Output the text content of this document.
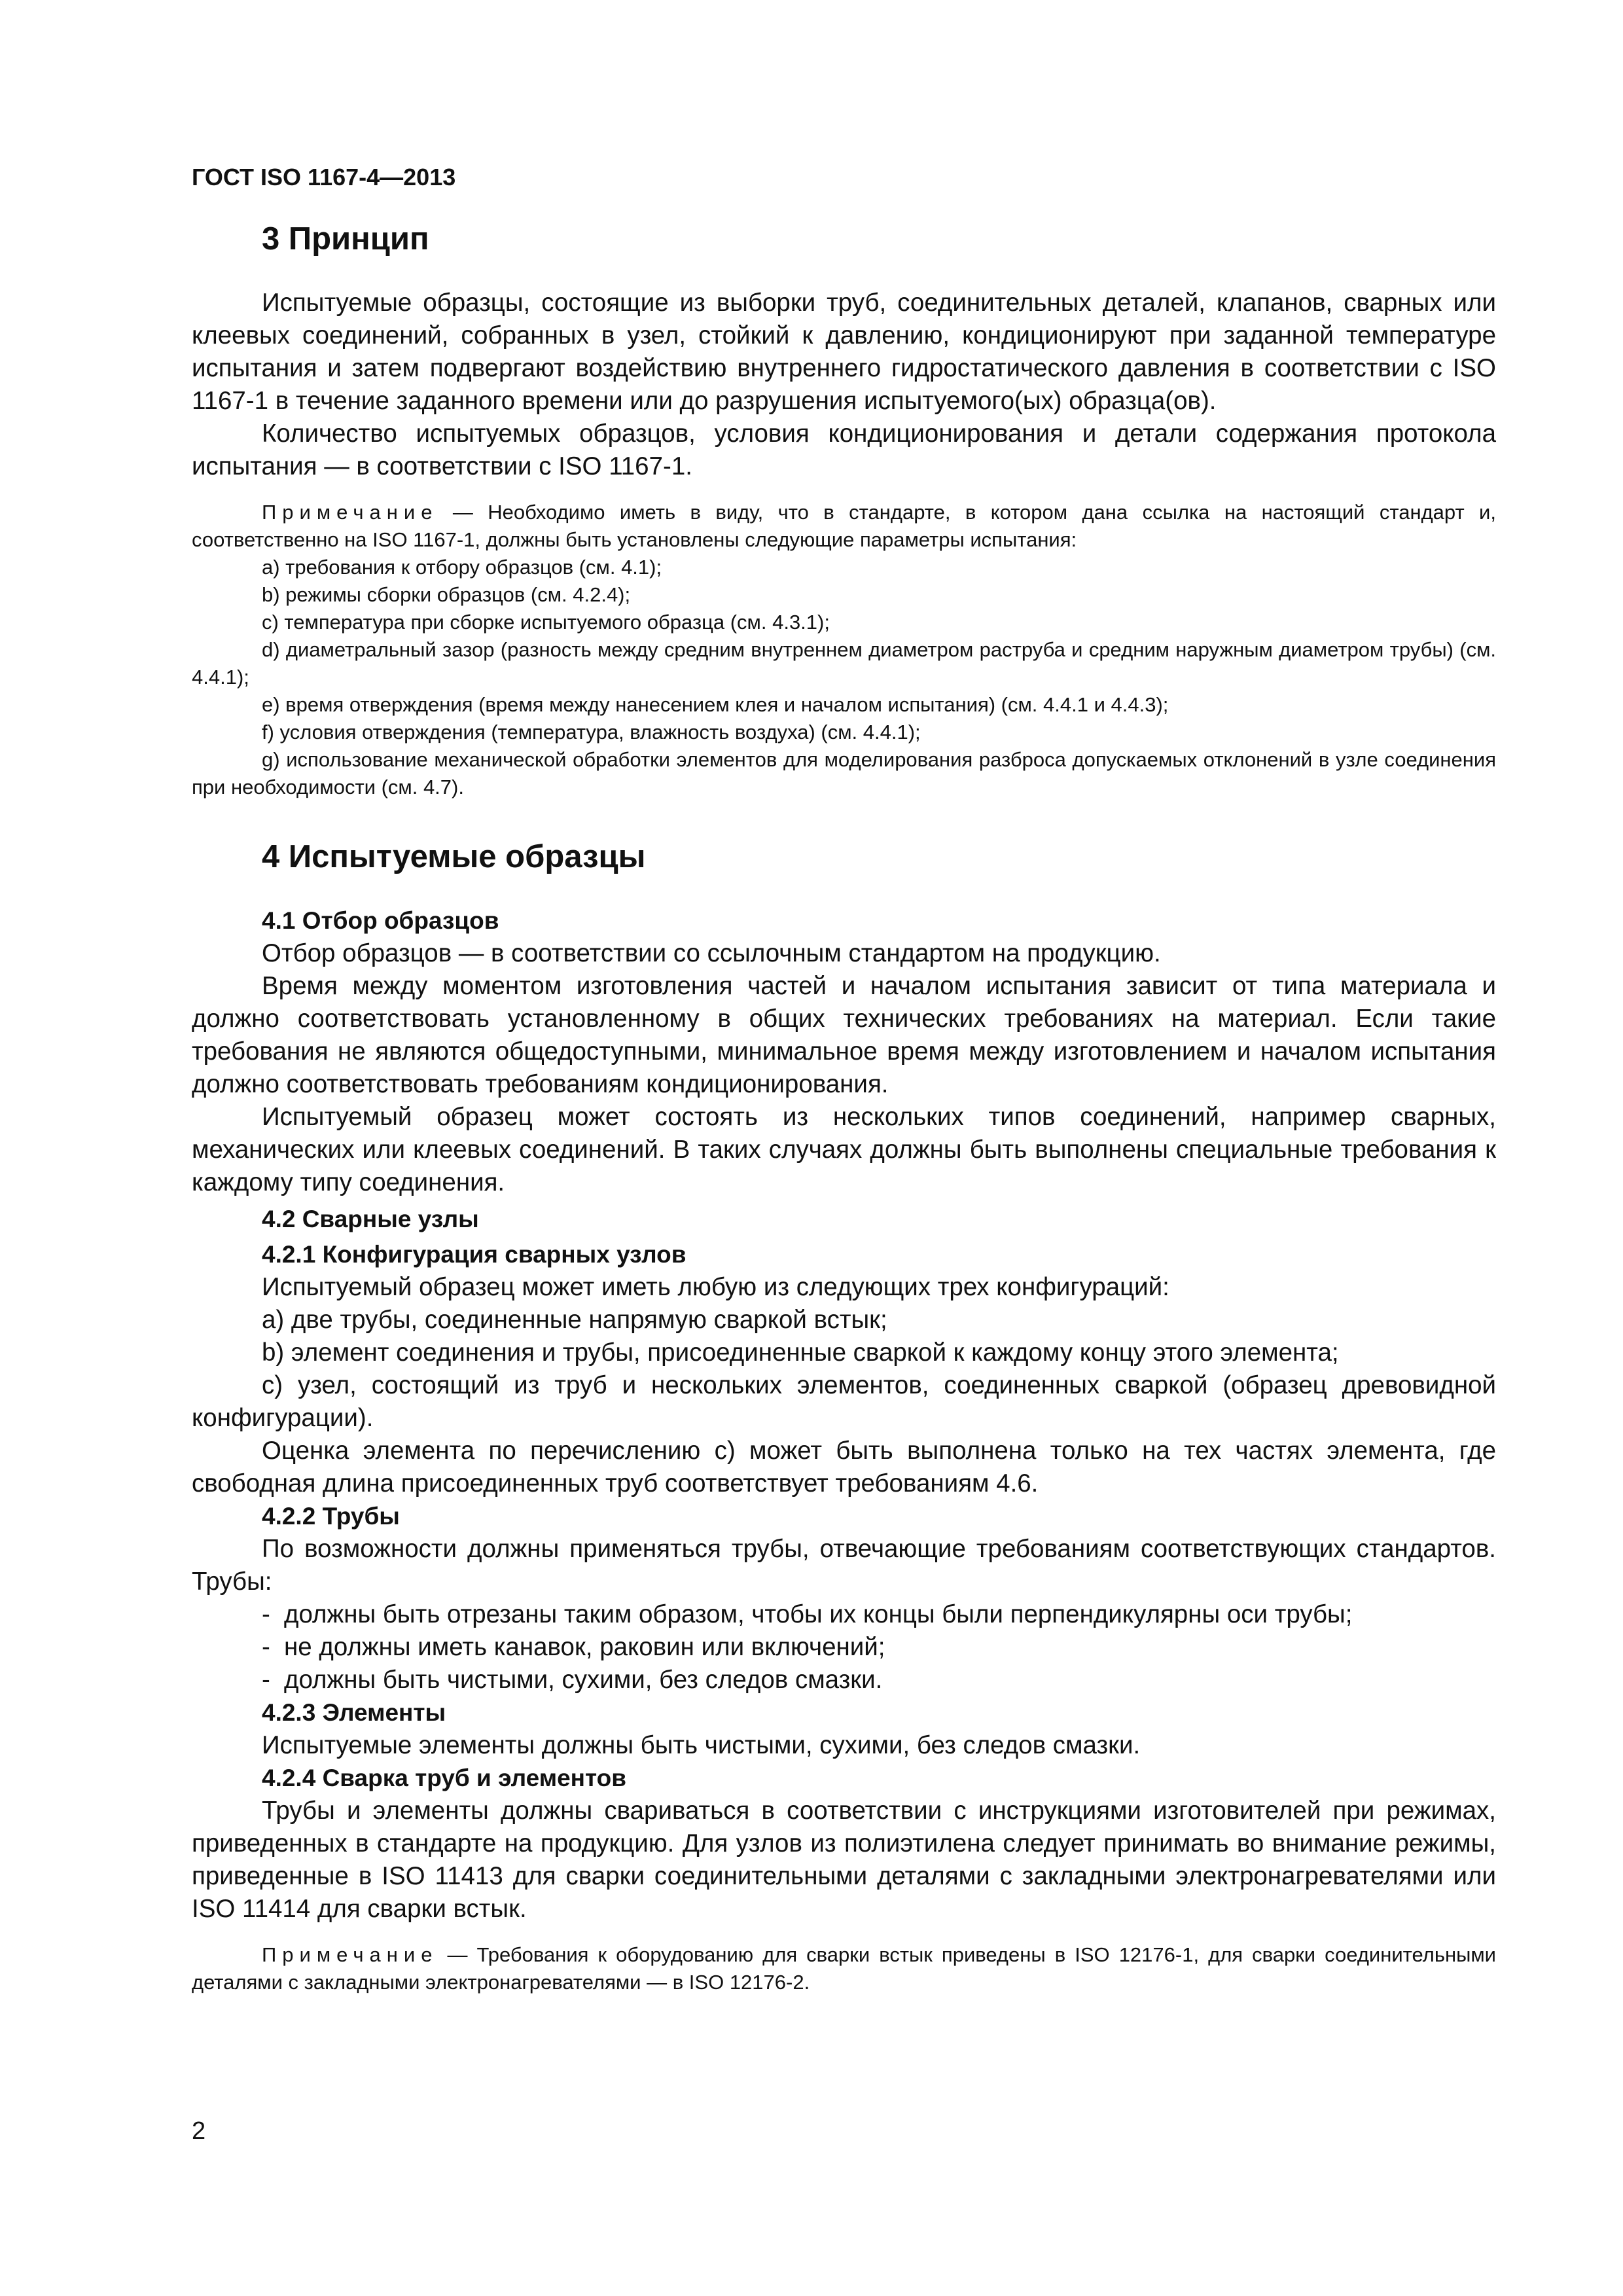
ГОСТ ISO 1167-4—2013
3 Принцип

Испытуемые образцы, состоящие из выборки труб, соединительных деталей, клапанов, сварных или клеевых соединений, собранных в узел, стойкий к давлению, кондиционируют при заданной температуре испытания и затем подвергают воздействию внутреннего гидростатического давления в соответствии с ISO 1167-1 в течение заданного времени или до разрушения испытуемого(ых) образца(ов).

Количество испытуемых образцов, условия кондиционирования и детали содержания протокола испытания — в соответствии с ISO 1167-1.

Примечание — Необходимо иметь в виду, что в стандарте, в котором дана ссылка на настоящий стандарт и, соответственно на ISO 1167-1, должны быть установлены следующие параметры испытания:

a) требования к отбору образцов (см. 4.1);

b) режимы сборки образцов (см. 4.2.4);

c) температура при сборке испытуемого образца (см. 4.3.1);

d) диаметральный зазор (разность между средним внутреннем диаметром раструба и средним наружным диаметром трубы) (см. 4.4.1);

e) время отверждения (время между нанесением клея и началом испытания) (см. 4.4.1 и 4.4.3);

f) условия отверждения (температура, влажность воздуха) (см. 4.4.1);

g) использование механической обработки элементов для моделирования разброса допускаемых отклонений в узле соединения при необходимости (см. 4.7).

4 Испытуемые образцы
4.1 Отбор образцов

Отбор образцов — в соответствии со ссылочным стандартом на продукцию.

Время между моментом изготовления частей и началом испытания зависит от типа материала и должно соответствовать установленному в общих технических требованиях на материал. Если такие требования не являются общедоступными, минимальное время между изготовлением и началом испытания должно соответствовать требованиям кондиционирования.

Испытуемый образец может состоять из нескольких типов соединений, например сварных, механических или клеевых соединений. В таких случаях должны быть выполнены специальные требования к каждому типу соединения.

4.2 Сварные узлы
4.2.1 Конфигурация сварных узлов

Испытуемый образец может иметь любую из следующих трех конфигураций:

a) две трубы, соединенные напрямую сваркой встык;

b) элемент соединения и трубы, присоединенные сваркой к каждому концу этого элемента;

c) узел, состоящий из труб и нескольких элементов, соединенных сваркой (образец древовидной конфигурации).

Оценка элемента по перечислению c) может быть выполнена только на тех частях элемента, где свободная длина присоединенных труб соответствует требованиям 4.6.

4.2.2 Трубы

По возможности должны применяться трубы, отвечающие требованиям соответствующих стандартов. Трубы:

- должны быть отрезаны таким образом, чтобы их концы были перпендикулярны оси трубы;

- не должны иметь канавок, раковин или включений;

- должны быть чистыми, сухими, без следов смазки.

4.2.3 Элементы

Испытуемые элементы должны быть чистыми, сухими, без следов смазки.

4.2.4 Сварка труб и элементов

Трубы и элементы должны свариваться в соответствии с инструкциями изготовителей при режимах, приведенных в стандарте на продукцию. Для узлов из полиэтилена следует принимать во внимание режимы, приведенные в ISO 11413 для сварки соединительными деталями с закладными электронагревателями или ISO 11414 для сварки встык.

Примечание — Требования к оборудованию для сварки встык приведены в ISO 12176-1, для сварки соединительными деталями с закладными электронагревателями — в ISO 12176-2.

2
